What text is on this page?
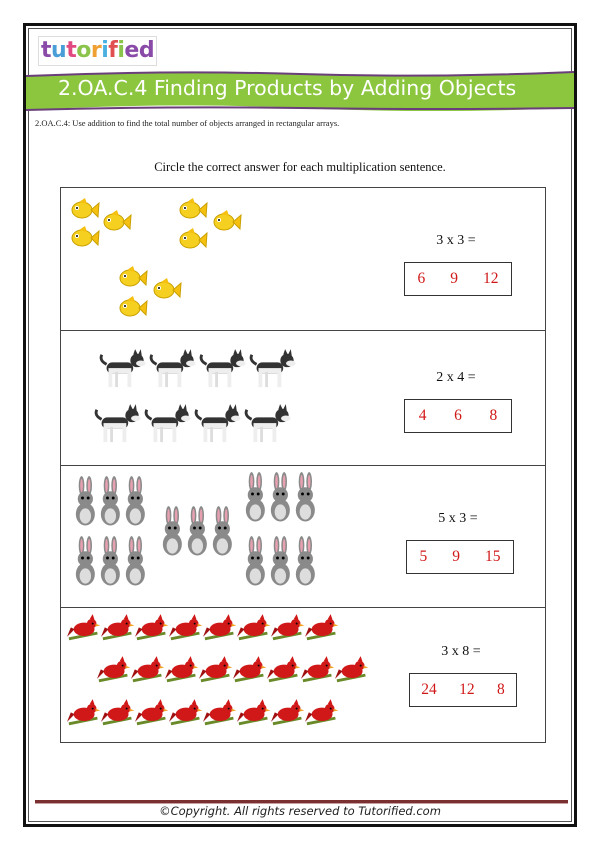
tutorified
2.OA.C.4 Finding Products by Adding Objects
2.OA.C.4: Use addition to find the total number of objects arranged in rectangular arrays.
Circle the correct answer for each multiplication sentence.
3 x 3 =
6 9 12
2 x 4 =
4 6 8
5 x 3 =
5 9 15
3 x 8 =
24 12 8
©Copyright. All rights reserved to Tutorified.com
